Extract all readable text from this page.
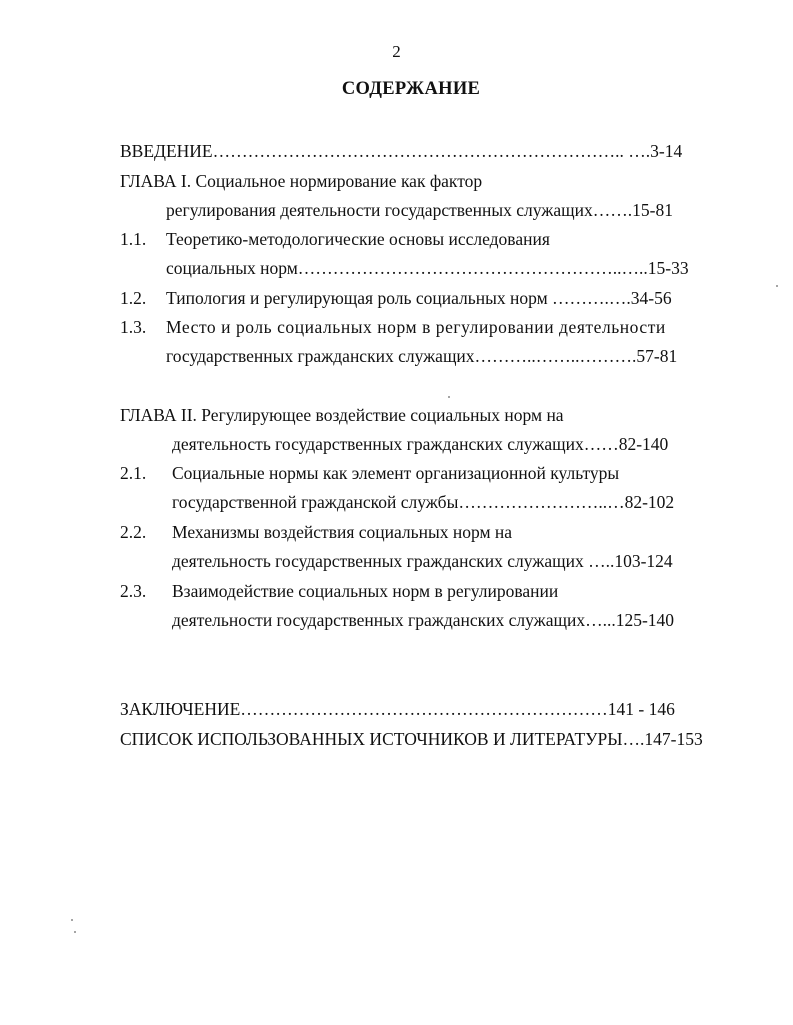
2
СОДЕРЖАНИЕ
ВВЕДЕНИЕ…………………………………………………………….. ….3-14
ГЛАВА I. Социальное нормирование как фактор
регулирования деятельности государственных служащих…….15-81
1.1. Теоретико-методологические основы исследования
социальных норм………………………………………………..…..15-33
1.2. Типология и регулирующая роль социальных норм ……….….34-56
1.3. Место и роль социальных норм в регулировании деятельности
государственных гражданских служащих………..……..……….57-81
ГЛАВА II. Регулирующее воздействие социальных норм на
деятельность государственных гражданских служащих……82-140
2.1. Социальные нормы как элемент организационной культуры
государственной гражданской службы……………………..…82-102
2.2. Механизмы воздействия социальных норм на
деятельность государственных гражданских служащих …..103-124
2.3. Взаимодействие социальных норм в регулировании
деятельности государственных гражданских служащих…...125-140
ЗАКЛЮЧЕНИЕ………………………………………………………141 - 146
СПИСОК ИСПОЛЬЗОВАННЫХ ИСТОЧНИКОВ И ЛИТЕРАТУРЫ….147-153
